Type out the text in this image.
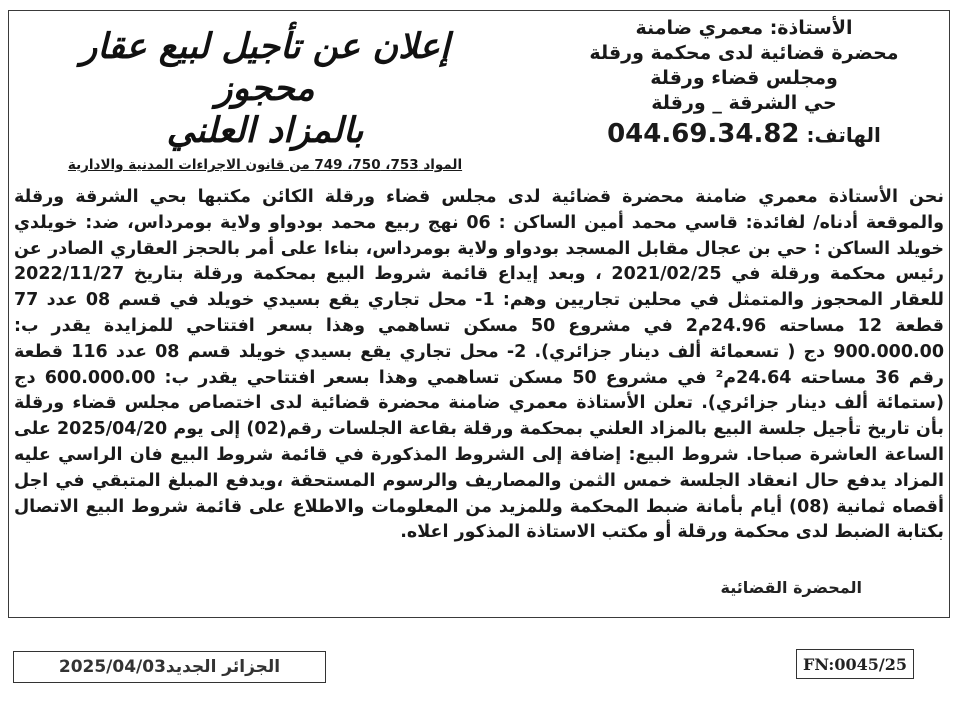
الأستاذة: معمري ضامنة
محضرة قضائية لدى محكمة ورقلة
ومجلس قضاء ورقلة
حي الشرقة _ ورقلة
الهاتف: 044.69.34.82
إعلان عن تأجيل لبيع عقار محجوز
بالمزاد العلني
المواد 753، 750، 749 من قانون الاجراءات المدنية والادارية

نحن الأستاذة معمري ضامنة محضرة قضائية لدى مجلس قضاء ورقلة الكائن مكتبها بحي الشرقة ورقلة والموقعة أدناه/ لفائدة: قاسي محمد أمين الساكن : 06 نهج ربيع محمد بودواو ولاية بومرداس، ضد: خويلدي خويلد الساكن : حي بن عجال مقابل المسجد بودواو ولاية بومرداس، بناءا على أمر بالحجز العقاري الصادر عن رئيس محكمة ورقلة في 2021/02/25 ، وبعد إيداع قائمة شروط البيع بمحكمة ورقلة بتاريخ 2022/11/27 للعقار المحجوز والمتمثل في محلين تجاريين وهم: 1- محل تجاري يقع بسيدي خويلد في قسم 08 عدد 77 قطعة 12 مساحته 24.96م2 في مشروع 50 مسكن تساهمي وهذا بسعر افتتاحي للمزايدة يقدر ب: 900.000.00 دج ( تسعمائة ألف دينار جزائري). 2- محل تجاري يقع بسيدي خويلد قسم 08 عدد 116 قطعة رقم 36 مساحته 24.64م² في مشروع 50 مسكن تساهمي وهذا بسعر افتتاحي يقدر ب: 600.000.00 دج (ستمائة ألف دينار جزائري). تعلن الأستاذة معمري ضامنة محضرة قضائية لدى اختصاص مجلس قضاء ورقلة بأن تاريخ تأجيل جلسة البيع بالمزاد العلني بمحكمة ورقلة بقاعة الجلسات رقم(02) إلى يوم 2025/04/20 على الساعة العاشرة صباحا. شروط البيع: إضافة إلى الشروط المذكورة في قائمة شروط البيع فان الراسي عليه المزاد يدفع حال انعقاد الجلسة خمس الثمن والمصاريف والرسوم المستحقة ،ويدفع المبلغ المتبقي في اجل أقصاه ثمانية (08) أيام بأمانة ضبط المحكمة وللمزيد من المعلومات والاطلاع على قائمة شروط البيع الاتصال بكتابة الضبط لدى محكمة ورقلة أو مكتب الاستاذة المذكور اعلاه.

المحضرة القضائية
الجزائر الجديد2025/04/03	FN:0045/25
